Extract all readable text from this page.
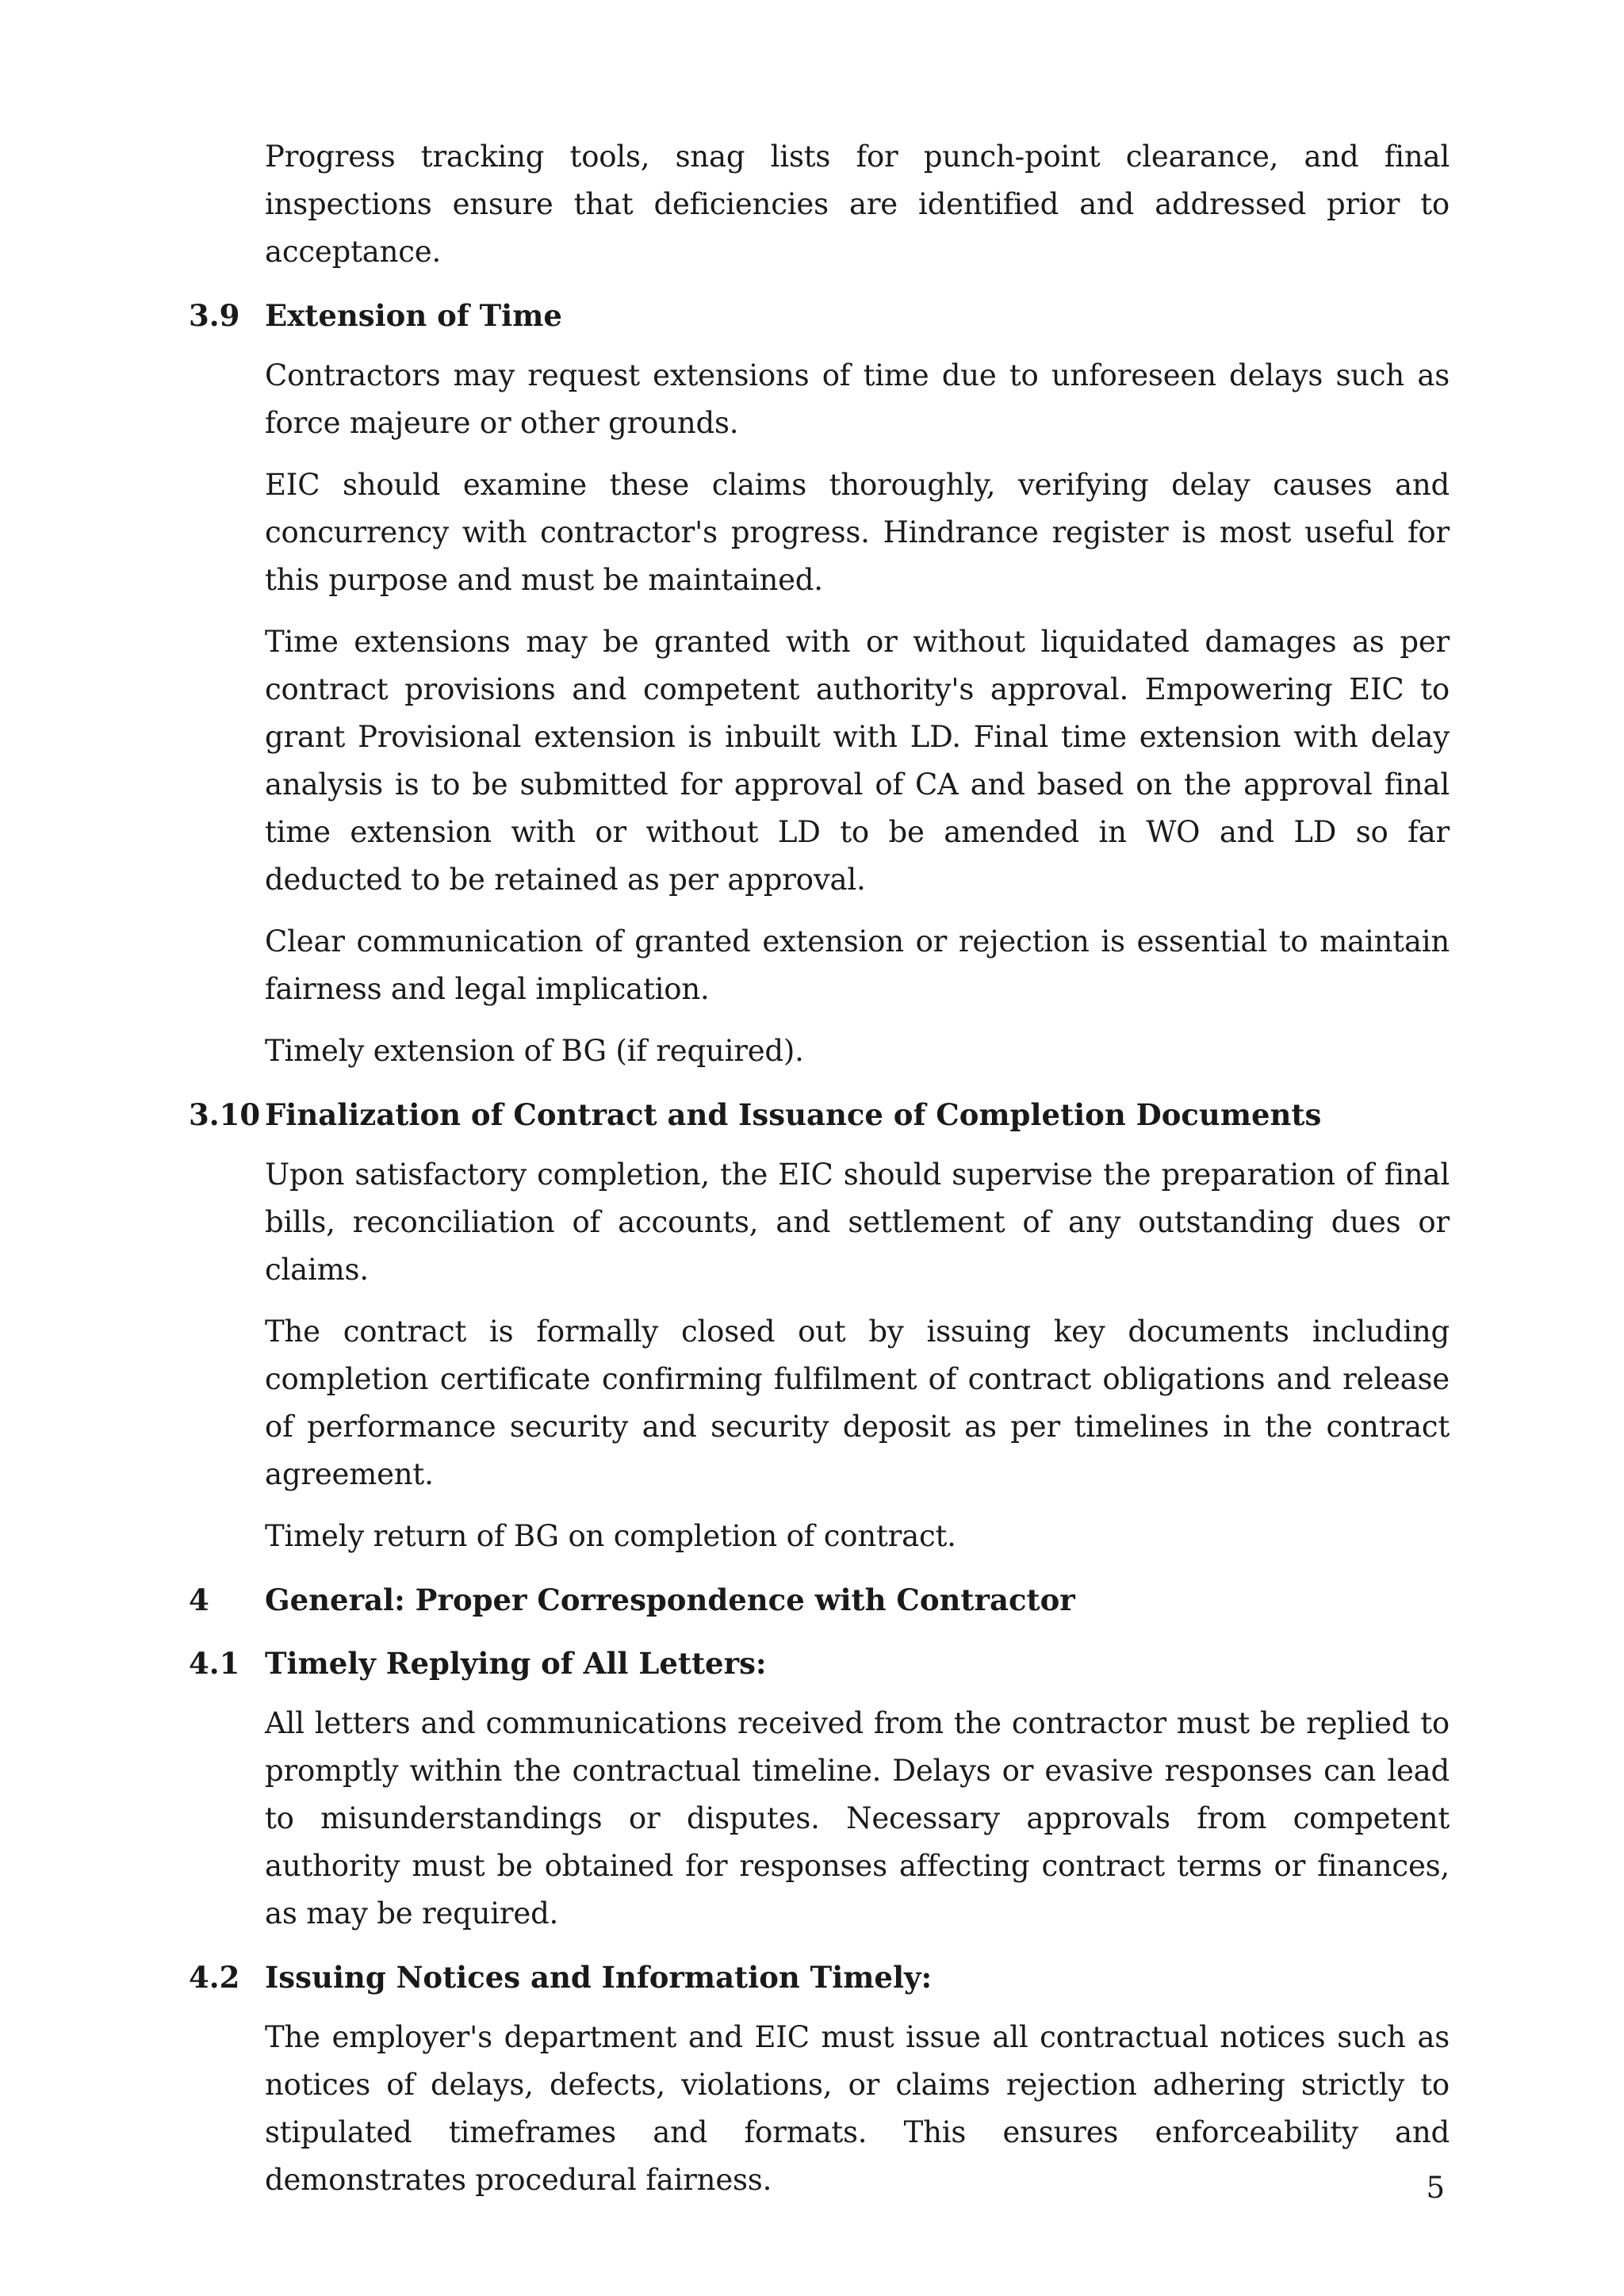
Progress tracking tools, snag lists for punch-point clearance, and final inspections ensure that deficiencies are identified and addressed prior to acceptance.

3.9 Extension of Time

Contractors may request extensions of time due to unforeseen delays such as force majeure or other grounds.

EIC should examine these claims thoroughly, verifying delay causes and concurrency with contractor's progress. Hindrance register is most useful for this purpose and must be maintained.

Time extensions may be granted with or without liquidated damages as per contract provisions and competent authority's approval. Empowering EIC to grant Provisional extension is inbuilt with LD. Final time extension with delay analysis is to be submitted for approval of CA and based on the approval final time extension with or without LD to be amended in WO and LD so far deducted to be retained as per approval.

Clear communication of granted extension or rejection is essential to maintain fairness and legal implication.

Timely extension of BG (if required).

3.10 Finalization of Contract and Issuance of Completion Documents

Upon satisfactory completion, the EIC should supervise the preparation of final bills, reconciliation of accounts, and settlement of any outstanding dues or claims.

The contract is formally closed out by issuing key documents including completion certificate confirming fulfilment of contract obligations and release of performance security and security deposit as per timelines in the contract agreement.

Timely return of BG on completion of contract.

4	General: Proper Correspondence with Contractor
4.1 Timely Replying of All Letters:

All letters and communications received from the contractor must be replied to promptly within the contractual timeline. Delays or evasive responses can lead to misunderstandings or disputes. Necessary approvals from competent authority must be obtained for responses affecting contract terms or finances, as may be required.

4.2 Issuing Notices and Information Timely:

The employer's department and EIC must issue all contractual notices such as notices of delays, defects, violations, or claims rejection adhering strictly to stipulated timeframes and formats. This ensures enforceability and demonstrates procedural fairness.	5
